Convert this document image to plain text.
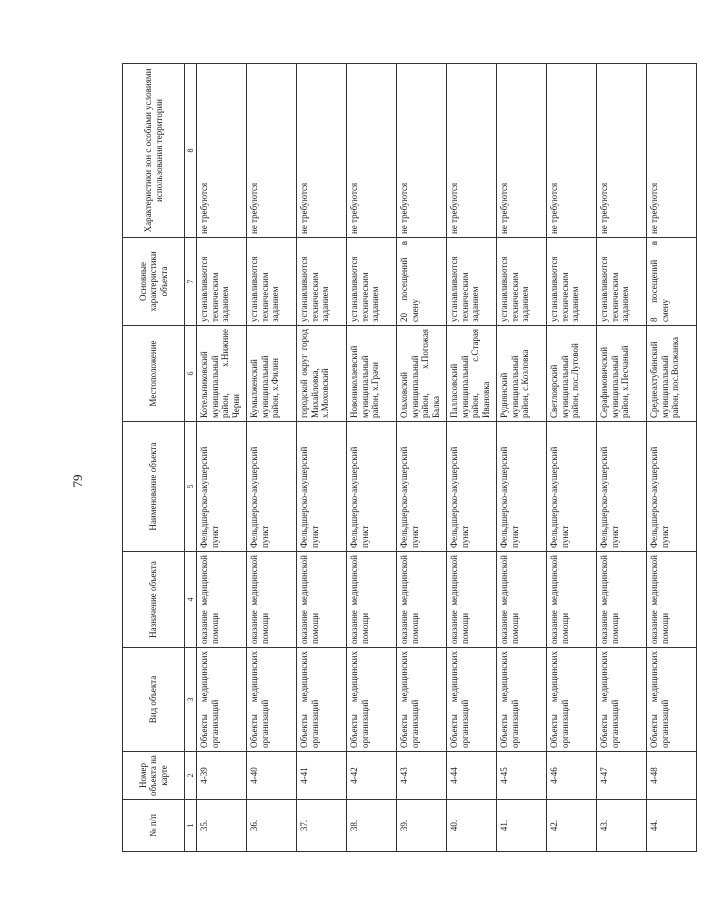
79
№ п/п	Номер объекта на карте	Вид объекта	Назначение объекта	Наименование объекта	Местоположение	Основные характеристики объекта	Характеристики зон с особыми условиями использования территории
1	2	3	4	5	6	7	8
35.	4-39	Объекты медицинских организаций	оказание медицинской помощи	Фельдшерско-акушерский пункт	Котельниковский муниципальный район, х.Нижние Черни	устанавливаются техническим заданием	не требуются
36.	4-40	Объекты медицинских организаций	оказание медицинской помощи	Фельдшерско-акушерский пункт	Кумылженский муниципальный район, х.Филин	устанавливаются техническим заданием	не требуются
37.	4-41	Объекты медицинских организаций	оказание медицинской помощи	Фельдшерско-акушерский пункт	городской округ город Михайловка, х.Моховский	устанавливаются техническим заданием	не требуются
38.	4-42	Объекты медицинских организаций	оказание медицинской помощи	Фельдшерско-акушерский пункт	Новониколаевский муниципальный район, х.Грачи	устанавливаются техническим заданием	не требуются
39.	4-43	Объекты медицинских организаций	оказание медицинской помощи	Фельдшерско-акушерский пункт	Ольховский муниципальный район, х.Погожая Балка	20 посещений в смену	не требуются
40.	4-44	Объекты медицинских организаций	оказание медицинской помощи	Фельдшерско-акушерский пункт	Палласовский муниципальный район, с.Старая Ивановка	устанавливаются техническим заданием	не требуются
41.	4-45	Объекты медицинских организаций	оказание медицинской помощи	Фельдшерско-акушерский пункт	Руднянский муниципальный район, с.Козловка	устанавливаются техническим заданием	не требуются
42.	4-46	Объекты медицинских организаций	оказание медицинской помощи	Фельдшерско-акушерский пункт	Светлоярский муниципальный район, пос.Луговой	устанавливаются техническим заданием	не требуются
43.	4-47	Объекты медицинских организаций	оказание медицинской помощи	Фельдшерско-акушерский пункт	Серафимовичский муниципальный район, х.Песчаный	устанавливаются техническим заданием	не требуются
44.	4-48	Объекты медицинских организаций	оказание медицинской помощи	Фельдшерско-акушерский пункт	Среднеахтубинский муниципальный район, пос.Волжанка	8 посещений в смену	не требуются
